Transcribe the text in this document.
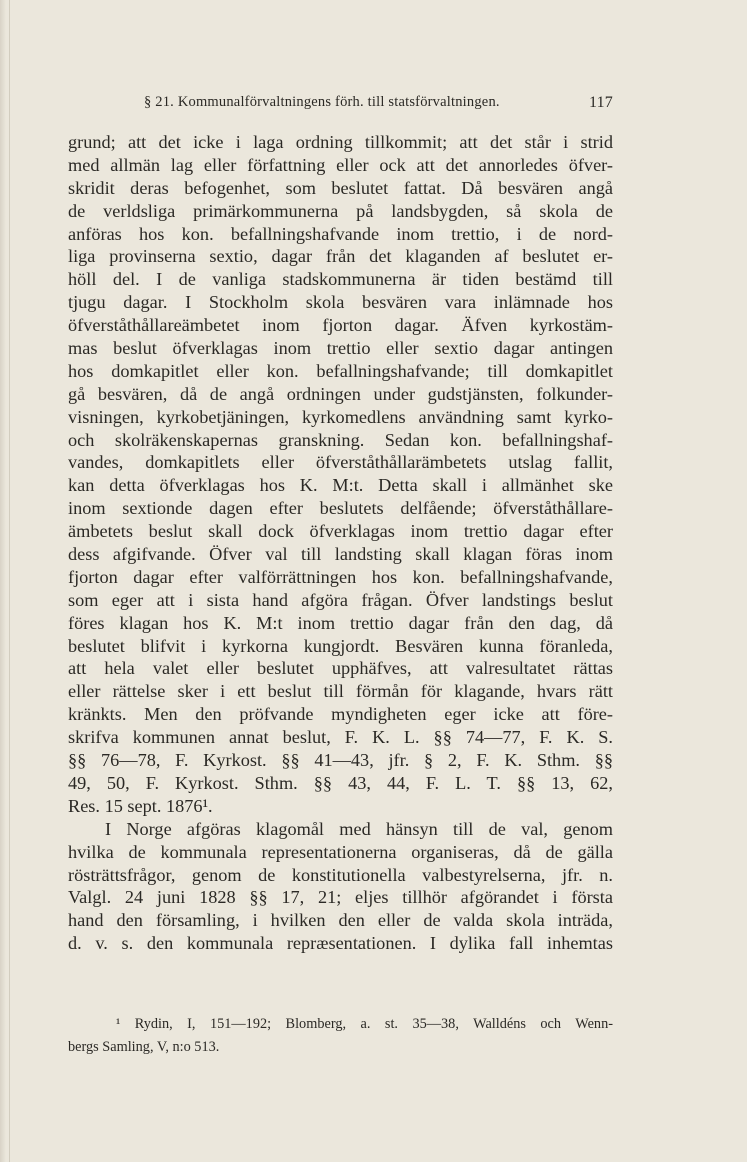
§ 21. Kommunalförvaltningens förh. till statsförvaltningen.	117
grund; att det icke i laga ordning tillkommit; att det står i strid
med allmän lag eller författning eller ock att det annorledes öfver-
skridit deras befogenhet, som beslutet fattat. Då besvären angå
de verldsliga primärkommunerna på landsbygden, så skola de
anföras hos kon. befallningshafvande inom trettio, i de nord-
liga provinserna sextio, dagar från det klaganden af beslutet er-
höll del. I de vanliga stadskommunerna är tiden bestämd till
tjugu dagar. I Stockholm skola besvären vara inlämnade hos
öfverståthållareämbetet inom fjorton dagar. Äfven kyrkostäm-
mas beslut öfverklagas inom trettio eller sextio dagar antingen
hos domkapitlet eller kon. befallningshafvande; till domkapitlet
gå besvären, då de angå ordningen under gudstjänsten, folkunder-
visningen, kyrkobetjäningen, kyrkomedlens användning samt kyrko-
och skolräkenskapernas granskning. Sedan kon. befallningshaf-
vandes, domkapitlets eller öfverståthållarämbetets utslag fallit,
kan detta öfverklagas hos K. M:t. Detta skall i allmänhet ske
inom sextionde dagen efter beslutets delfående; öfverståthållare-
ämbetets beslut skall dock öfverklagas inom trettio dagar efter
dess afgifvande. Öfver val till landsting skall klagan föras inom
fjorton dagar efter valförrättningen hos kon. befallningshafvande,
som eger att i sista hand afgöra frågan. Öfver landstings beslut
föres klagan hos K. M:t inom trettio dagar från den dag, då
beslutet blifvit i kyrkorna kungjordt. Besvären kunna föranleda,
att hela valet eller beslutet upphäfves, att valresultatet rättas
eller rättelse sker i ett beslut till förmån för klagande, hvars rätt
kränkts. Men den pröfvande myndigheten eger icke att före-
skrifva kommunen annat beslut, F. K. L. §§ 74—77, F. K. S.
§§ 76—78, F. Kyrkost. §§ 41—43, jfr. § 2, F. K. Sthm. §§
49, 50, F. Kyrkost. Sthm. §§ 43, 44, F. L. T. §§ 13, 62,
Res. 15 sept. 1876¹.
I Norge afgöras klagomål med hänsyn till de val, genom
hvilka de kommunala representationerna organiseras, då de gälla
rösträttsfrågor, genom de konstitutionella valbestyrelserna, jfr. n.
Valgl. 24 juni 1828 §§ 17, 21; eljes tillhör afgörandet i första
hand den församling, i hvilken den eller de valda skola inträda,
d. v. s. den kommunala repræsentationen. I dylika fall inhemtas
¹ Rydin, I, 151—192; Blomberg, a. st. 35—38, Walldéns och Wenn-
bergs Samling, V, n:o 513.
